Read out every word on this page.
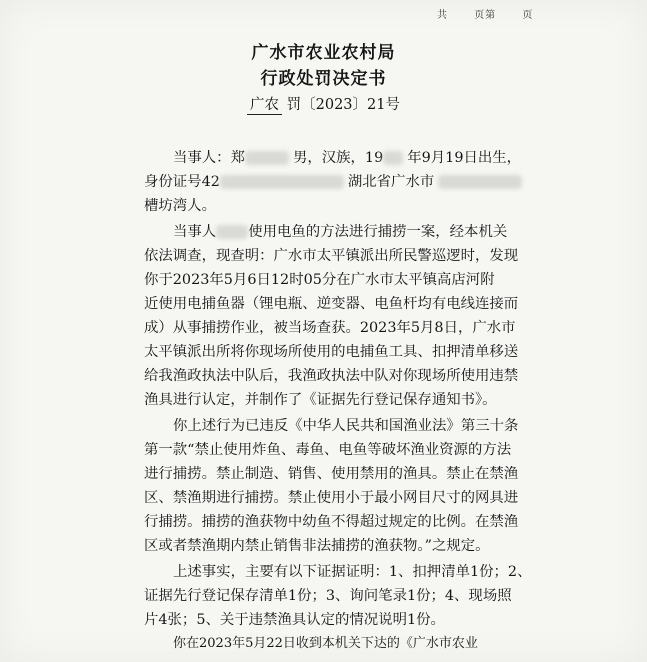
共	页第	页
广水市农业农村局
行政处罚决定书
广农 罚〔2023〕21号
当事人：郑	男，汉族，19 年9月19日出生，
身份证号42	湖北省广水市
槽坊湾人。
当事人 使用电鱼的方法进行捕捞一案，经本机关
依法调查，现查明：广水市太平镇派出所民警巡逻时，发现
你于2023年5月6日12时05分在广水市太平镇高店河附
近使用电捕鱼器（锂电瓶、逆变器、电鱼杆均有电线连接而
成）从事捕捞作业，被当场查获。2023年5月8日，广水市
太平镇派出所将你现场所使用的电捕鱼工具、扣押清单移送
给我渔政执法中队后，我渔政执法中队对你现场所使用违禁
渔具进行认定，并制作了《证据先行登记保存通知书》。
你上述行为已违反《中华人民共和国渔业法》第三十条
第一款“禁止使用炸鱼、毒鱼、电鱼等破坏渔业资源的方法
进行捕捞。禁止制造、销售、使用禁用的渔具。禁止在禁渔
区、禁渔期进行捕捞。禁止使用小于最小网目尺寸的网具进
行捕捞。捕捞的渔获物中幼鱼不得超过规定的比例。在禁渔
区或者禁渔期内禁止销售非法捕捞的渔获物。”之规定。
上述事实，主要有以下证据证明：1、扣押清单1份；2、
证据先行登记保存清单1份；3、询问笔录1份；4、现场照
片4张；5、关于违禁渔具认定的情况说明1份。
你在2023年5月22日收到本机关下达的《广水市农业
